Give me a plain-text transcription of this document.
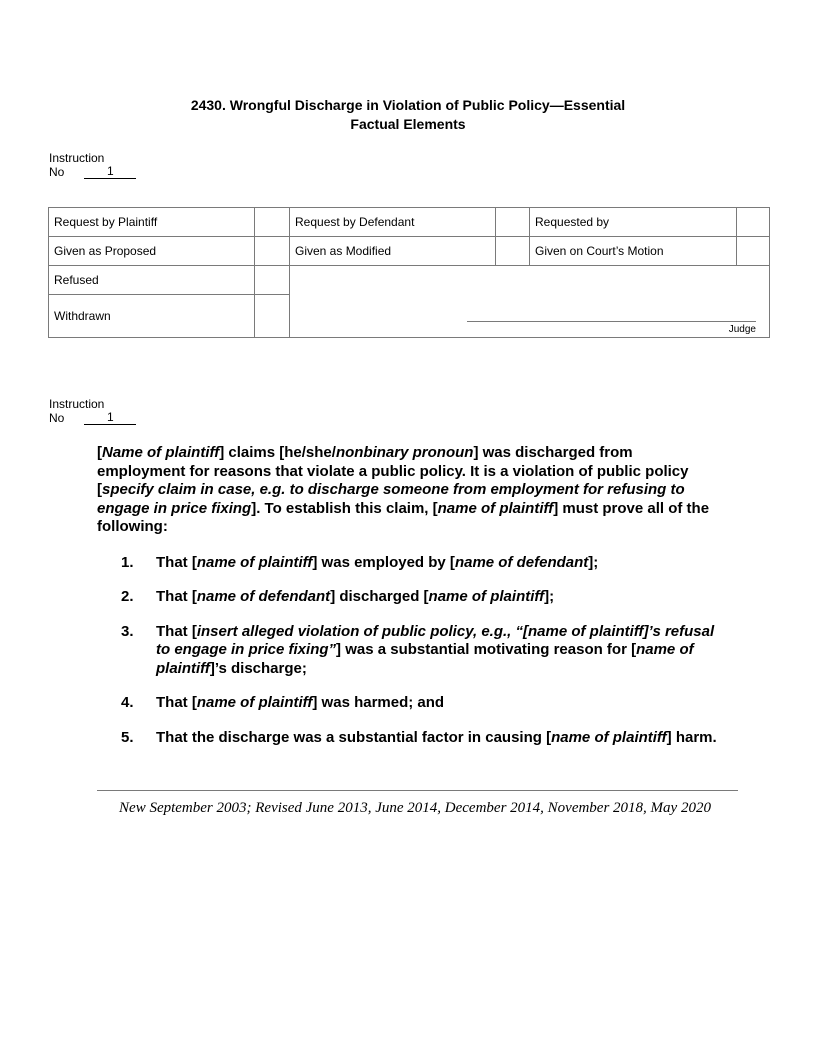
2430. Wrongful Discharge in Violation of Public Policy—Essential
Factual Elements
Instruction
No	1
Request by Plaintiff		Request by Defendant		Requested by	
Given as Proposed		Given as Modified		Given on Court’s Motion	
Refused		Judge			

Withdrawn					
Instruction
No	1

[Name of plaintiff] claims [he/she/nonbinary pronoun] was discharged from employment for reasons that violate a public policy. It is a violation of public policy [specify claim in case, e.g. to discharge someone from employment for refusing to engage in price fixing]. To establish this claim, [name of plaintiff] must prove all of the following:

1.	That [name of plaintiff] was employed by [name of defendant];
2.	That [name of defendant] discharged [name of plaintiff];
3.	That [insert alleged violation of public policy, e.g., “[name of plaintiff]’s refusal to engage in price fixing”] was a substantial motivating reason for [name of plaintiff]’s discharge;
4.	That [name of plaintiff] was harmed; and
5.	That the discharge was a substantial factor in causing [name of plaintiff] harm.
New September 2003; Revised June 2013, June 2014, December 2014, November 2018, May 2020
